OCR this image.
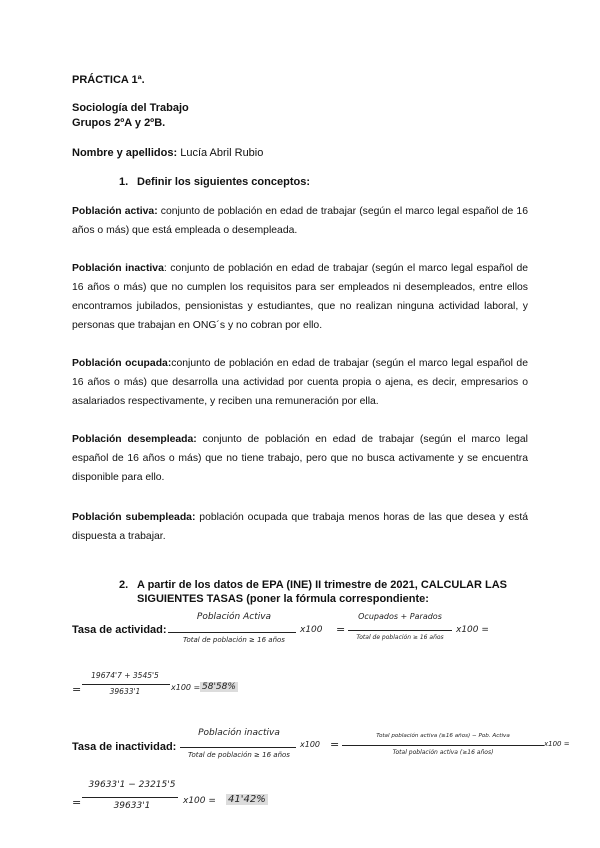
PRÁCTICA 1ª.
Sociología del Trabajo
Grupos 2ºA y 2ºB.
Nombre y apellidos: Lucía Abril Rubio
1. Definir los siguientes conceptos:
Población activa: conjunto de población en edad de trabajar (según el marco legal español de 16 años o más) que está empleada o desempleada.
Población inactiva: conjunto de población en edad de trabajar (según el marco legal español de 16 años o más) que no cumplen los requisitos para ser empleados ni desempleados, entre ellos encontramos jubilados, pensionistas y estudiantes, que no realizan ninguna actividad laboral, y personas que trabajan en ONG´s y no cobran por ello.
Población ocupada:conjunto de población en edad de trabajar (según el marco legal español de 16 años o más) que desarrolla una actividad por cuenta propia o ajena, es decir, empresarios o asalariados respectivamente, y reciben una remuneración por ella.
Población desempleada: conjunto de población en edad de trabajar (según el marco legal español de 16 años o más) que no tiene trabajo, pero que no busca activamente y se encuentra disponible para ello.
Población subempleada: población ocupada que trabaja menos horas de las que desea y está dispuesta a trabajar.
2. A partir de los datos de EPA (INE) II trimestre de 2021, CALCULAR LAS
SIGUIENTES TASAS (poner la fórmula correspondiente:
Tasa de actividad:
Población Activa
Total de población ≥ 16 años
x100 =
Ocupados + Parados
Total de población ≥ 16 años
x100 =
=
19674'7 + 3545'5
39633'1	x100 = 58'58%
Tasa de inactividad:
Población inactiva
Total de población ≥ 16 años
x100 =
Total población activa (≥16 años) − Pob. Activa
Total población activa (≥16 años)
x100 =
=
39633'1 − 23215'5
39633'1	x100 = 41'42%
